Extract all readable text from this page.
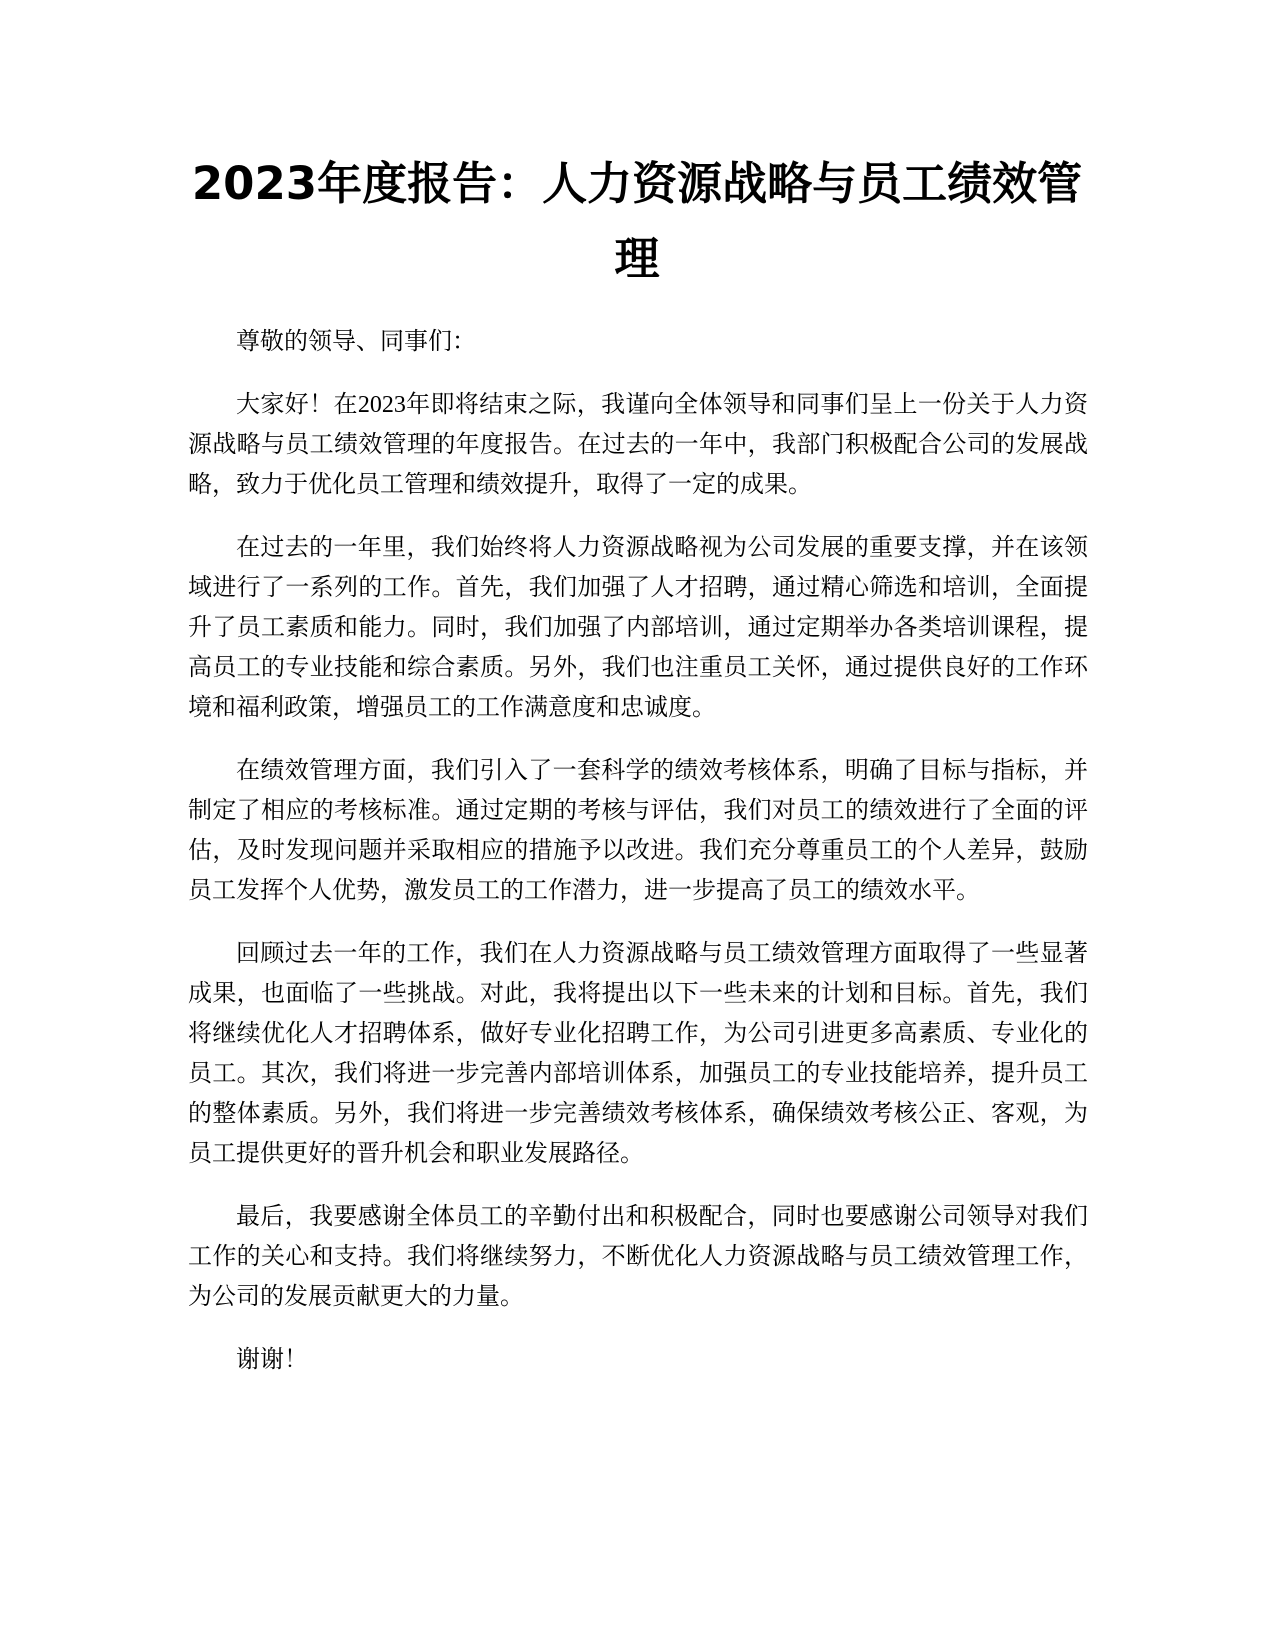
2023年度报告：人力资源战略与员工绩效管理

尊敬的领导、同事们：

大家好！在2023年即将结束之际，我谨向全体领导和同事们呈上一份关于人力资源战略与员工绩效管理的年度报告。在过去的一年中，我部门积极配合公司的发展战略，致力于优化员工管理和绩效提升，取得了一定的成果。

在过去的一年里，我们始终将人力资源战略视为公司发展的重要支撑，并在该领域进行了一系列的工作。首先，我们加强了人才招聘，通过精心筛选和培训，全面提升了员工素质和能力。同时，我们加强了内部培训，通过定期举办各类培训课程，提高员工的专业技能和综合素质。另外，我们也注重员工关怀，通过提供良好的工作环境和福利政策，增强员工的工作满意度和忠诚度。

在绩效管理方面，我们引入了一套科学的绩效考核体系，明确了目标与指标，并制定了相应的考核标准。通过定期的考核与评估，我们对员工的绩效进行了全面的评估，及时发现问题并采取相应的措施予以改进。我们充分尊重员工的个人差异，鼓励员工发挥个人优势，激发员工的工作潜力，进一步提高了员工的绩效水平。

回顾过去一年的工作，我们在人力资源战略与员工绩效管理方面取得了一些显著成果，也面临了一些挑战。对此，我将提出以下一些未来的计划和目标。首先，我们将继续优化人才招聘体系，做好专业化招聘工作，为公司引进更多高素质、专业化的员工。其次，我们将进一步完善内部培训体系，加强员工的专业技能培养，提升员工的整体素质。另外，我们将进一步完善绩效考核体系，确保绩效考核公正、客观，为员工提供更好的晋升机会和职业发展路径。

最后，我要感谢全体员工的辛勤付出和积极配合，同时也要感谢公司领导对我们工作的关心和支持。我们将继续努力，不断优化人力资源战略与员工绩效管理工作，为公司的发展贡献更大的力量。

谢谢！
